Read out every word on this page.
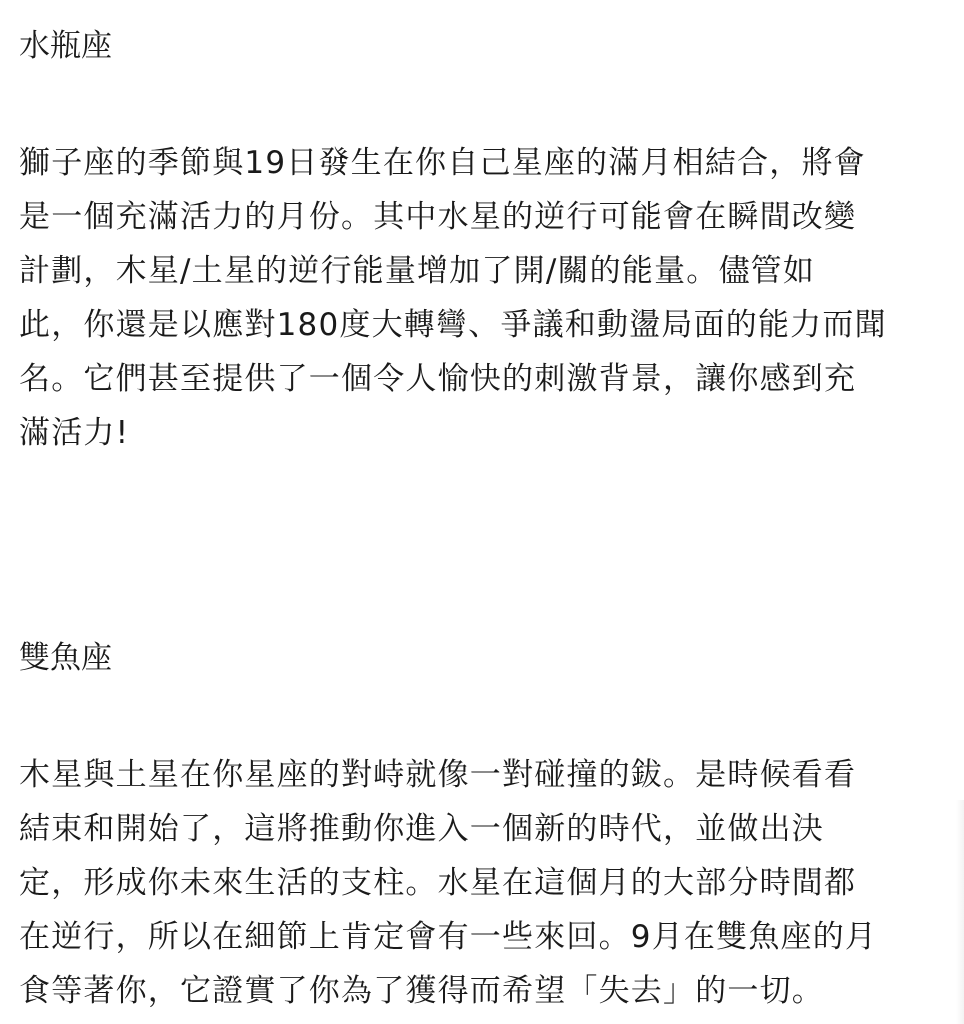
水瓶座
獅子座的季節與19日發生在你自己星座的滿月相結合，將會
是一個充滿活力的月份。其中水星的逆行可能會在瞬間改變
計劃，木星/土星的逆行能量增加了開/關的能量。儘管如
此，你還是以應對180度大轉彎、爭議和動盪局面的能力而聞
名。它們甚至提供了一個令人愉快的刺激背景，讓你感到充
滿活力!
雙魚座
木星與土星在你星座的對峙就像一對碰撞的鈸。是時候看看
結束和開始了，這將推動你進入一個新的時代，並做出決
定，形成你未來生活的支柱。水星在這個月的大部分時間都
在逆行，所以在細節上肯定會有一些來回。9月在雙魚座的月
食等著你，它證實了你為了獲得而希望「失去」的一切。
